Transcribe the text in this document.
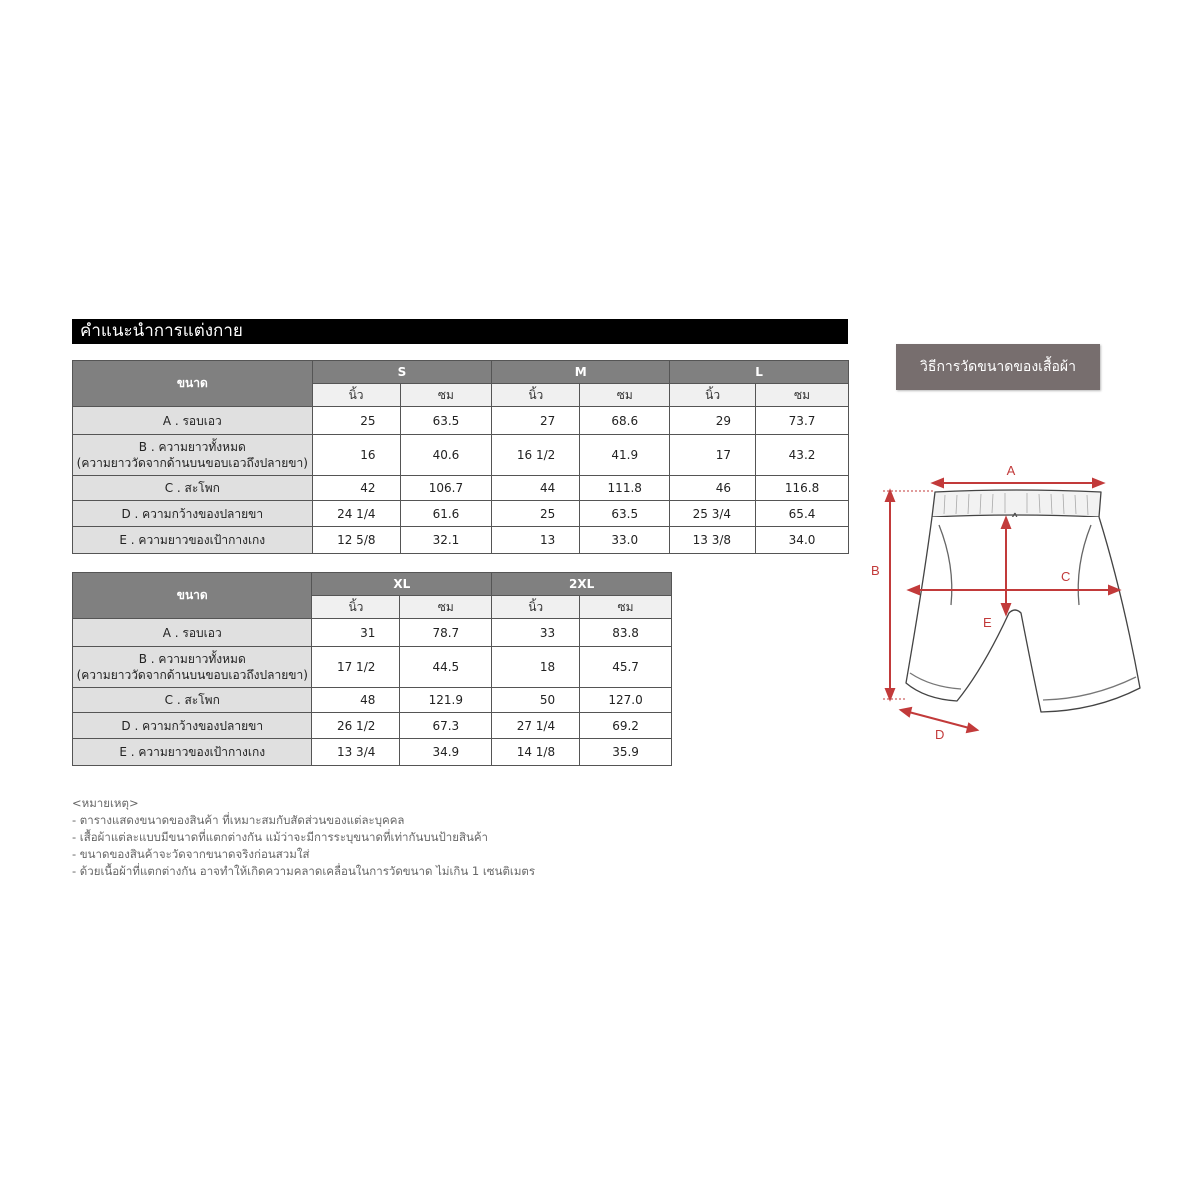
คำแนะนำการแต่งกาย
ขนาด	S		M		L	
	นิ้ว	ซม	นิ้ว	ซม	นิ้ว	ซม
A . รอบเอว	25	63.5	27	68.6	29	73.7

B . ความยาวทั้งหมด
(ความยาววัดจากด้านบนขอบเอวถึงปลายขา)	16	40.6	16 1/2	41.9	17	43.2
C . สะโพก	42	106.7	44	111.8	46	116.8
D . ความกว้างของปลายขา	24 1/4	61.6	25	63.5	25 3/4	65.4
E . ความยาวของเป้ากางเกง	12 5/8	32.1	13	33.0	13 3/8	34.0
ขนาด	XL		2XL	
	นิ้ว	ซม	นิ้ว	ซม
A . รอบเอว	31	78.7	33	83.8

B . ความยาวทั้งหมด
(ความยาววัดจากด้านบนขอบเอวถึงปลายขา)	17 1/2	44.5	18	45.7
C . สะโพก	48	121.9	50	127.0
D . ความกว้างของปลายขา	26 1/2	67.3	27 1/4	69.2
E . ความยาวของเป้ากางเกง	13 3/4	34.9	14 1/8	35.9
วิธีการวัดขนาดของเสื้อผ้า
<หมายเหตุ>
- ตารางแสดงขนาดของสินค้า ที่เหมาะสมกับสัดส่วนของแต่ละบุคคล
- เสื้อผ้าแต่ละแบบมีขนาดที่แตกต่างกัน แม้ว่าจะมีการระบุขนาดที่เท่ากันบนป้ายสินค้า
- ขนาดของสินค้าจะวัดจากขนาดจริงก่อนสวมใส่
- ด้วยเนื้อผ้าที่แตกต่างกัน อาจทำให้เกิดความคลาดเคลื่อนในการวัดขนาด ไม่เกิน 1 เซนติเมตร
A
B	C
D
E
